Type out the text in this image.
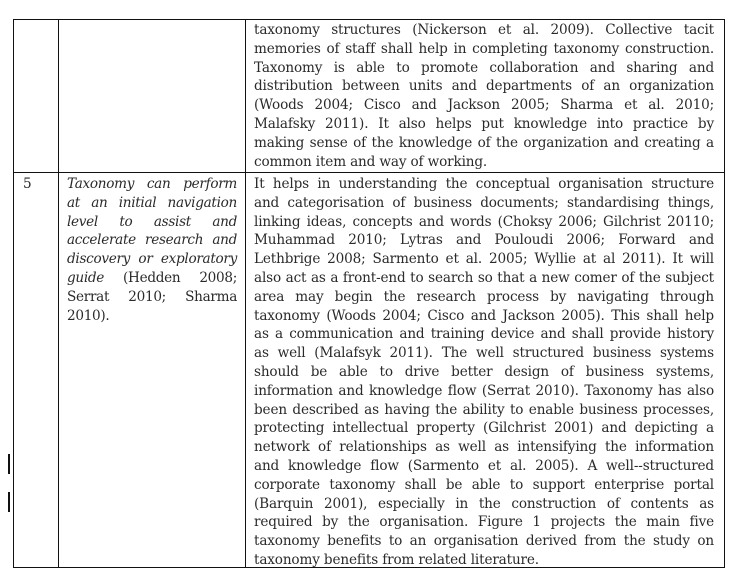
taxonomy structures (Nickerson et al. 2009). Collective tacit
memories of staff shall help in completing taxonomy construction.
Taxonomy is able to promote collaboration and sharing and
distribution between units and departments of an organization
(Woods 2004; Cisco and Jackson 2005; Sharma et al. 2010;
Malafsky 2011). It also helps put knowledge into practice by
making sense of the knowledge of the organization and creating a
common item and way of working.
5	Taxonomy can perform
at an initial navigation
level to assist and
accelerate research and
discovery or exploratory
guide (Hedden 2008;
Serrat 2010; Sharma
2010).
It helps in understanding the conceptual organisation structure
and categorisation of business documents; standardising things,
linking ideas, concepts and words (Choksy 2006; Gilchrist 20110;
Muhammad 2010; Lytras and Pouloudi 2006; Forward and
Lethbrige 2008; Sarmento et al. 2005; Wyllie at al 2011). It will
also act as a front-end to search so that a new comer of the subject
area may begin the research process by navigating through
taxonomy (Woods 2004; Cisco and Jackson 2005). This shall help
as a communication and training device and shall provide history
as well (Malafsyk 2011). The well structured business systems
should be able to drive better design of business systems,
information and knowledge flow (Serrat 2010). Taxonomy has also
been described as having the ability to enable business processes,
protecting intellectual property (Gilchrist 2001) and depicting a
network of relationships as well as intensifying the information
and knowledge flow (Sarmento et al. 2005). A well--structured
corporate taxonomy shall be able to support enterprise portal
(Barquin 2001), especially in the construction of contents as
required by the organisation. Figure 1 projects the main five
taxonomy benefits to an organisation derived from the study on
taxonomy benefits from related literature.
